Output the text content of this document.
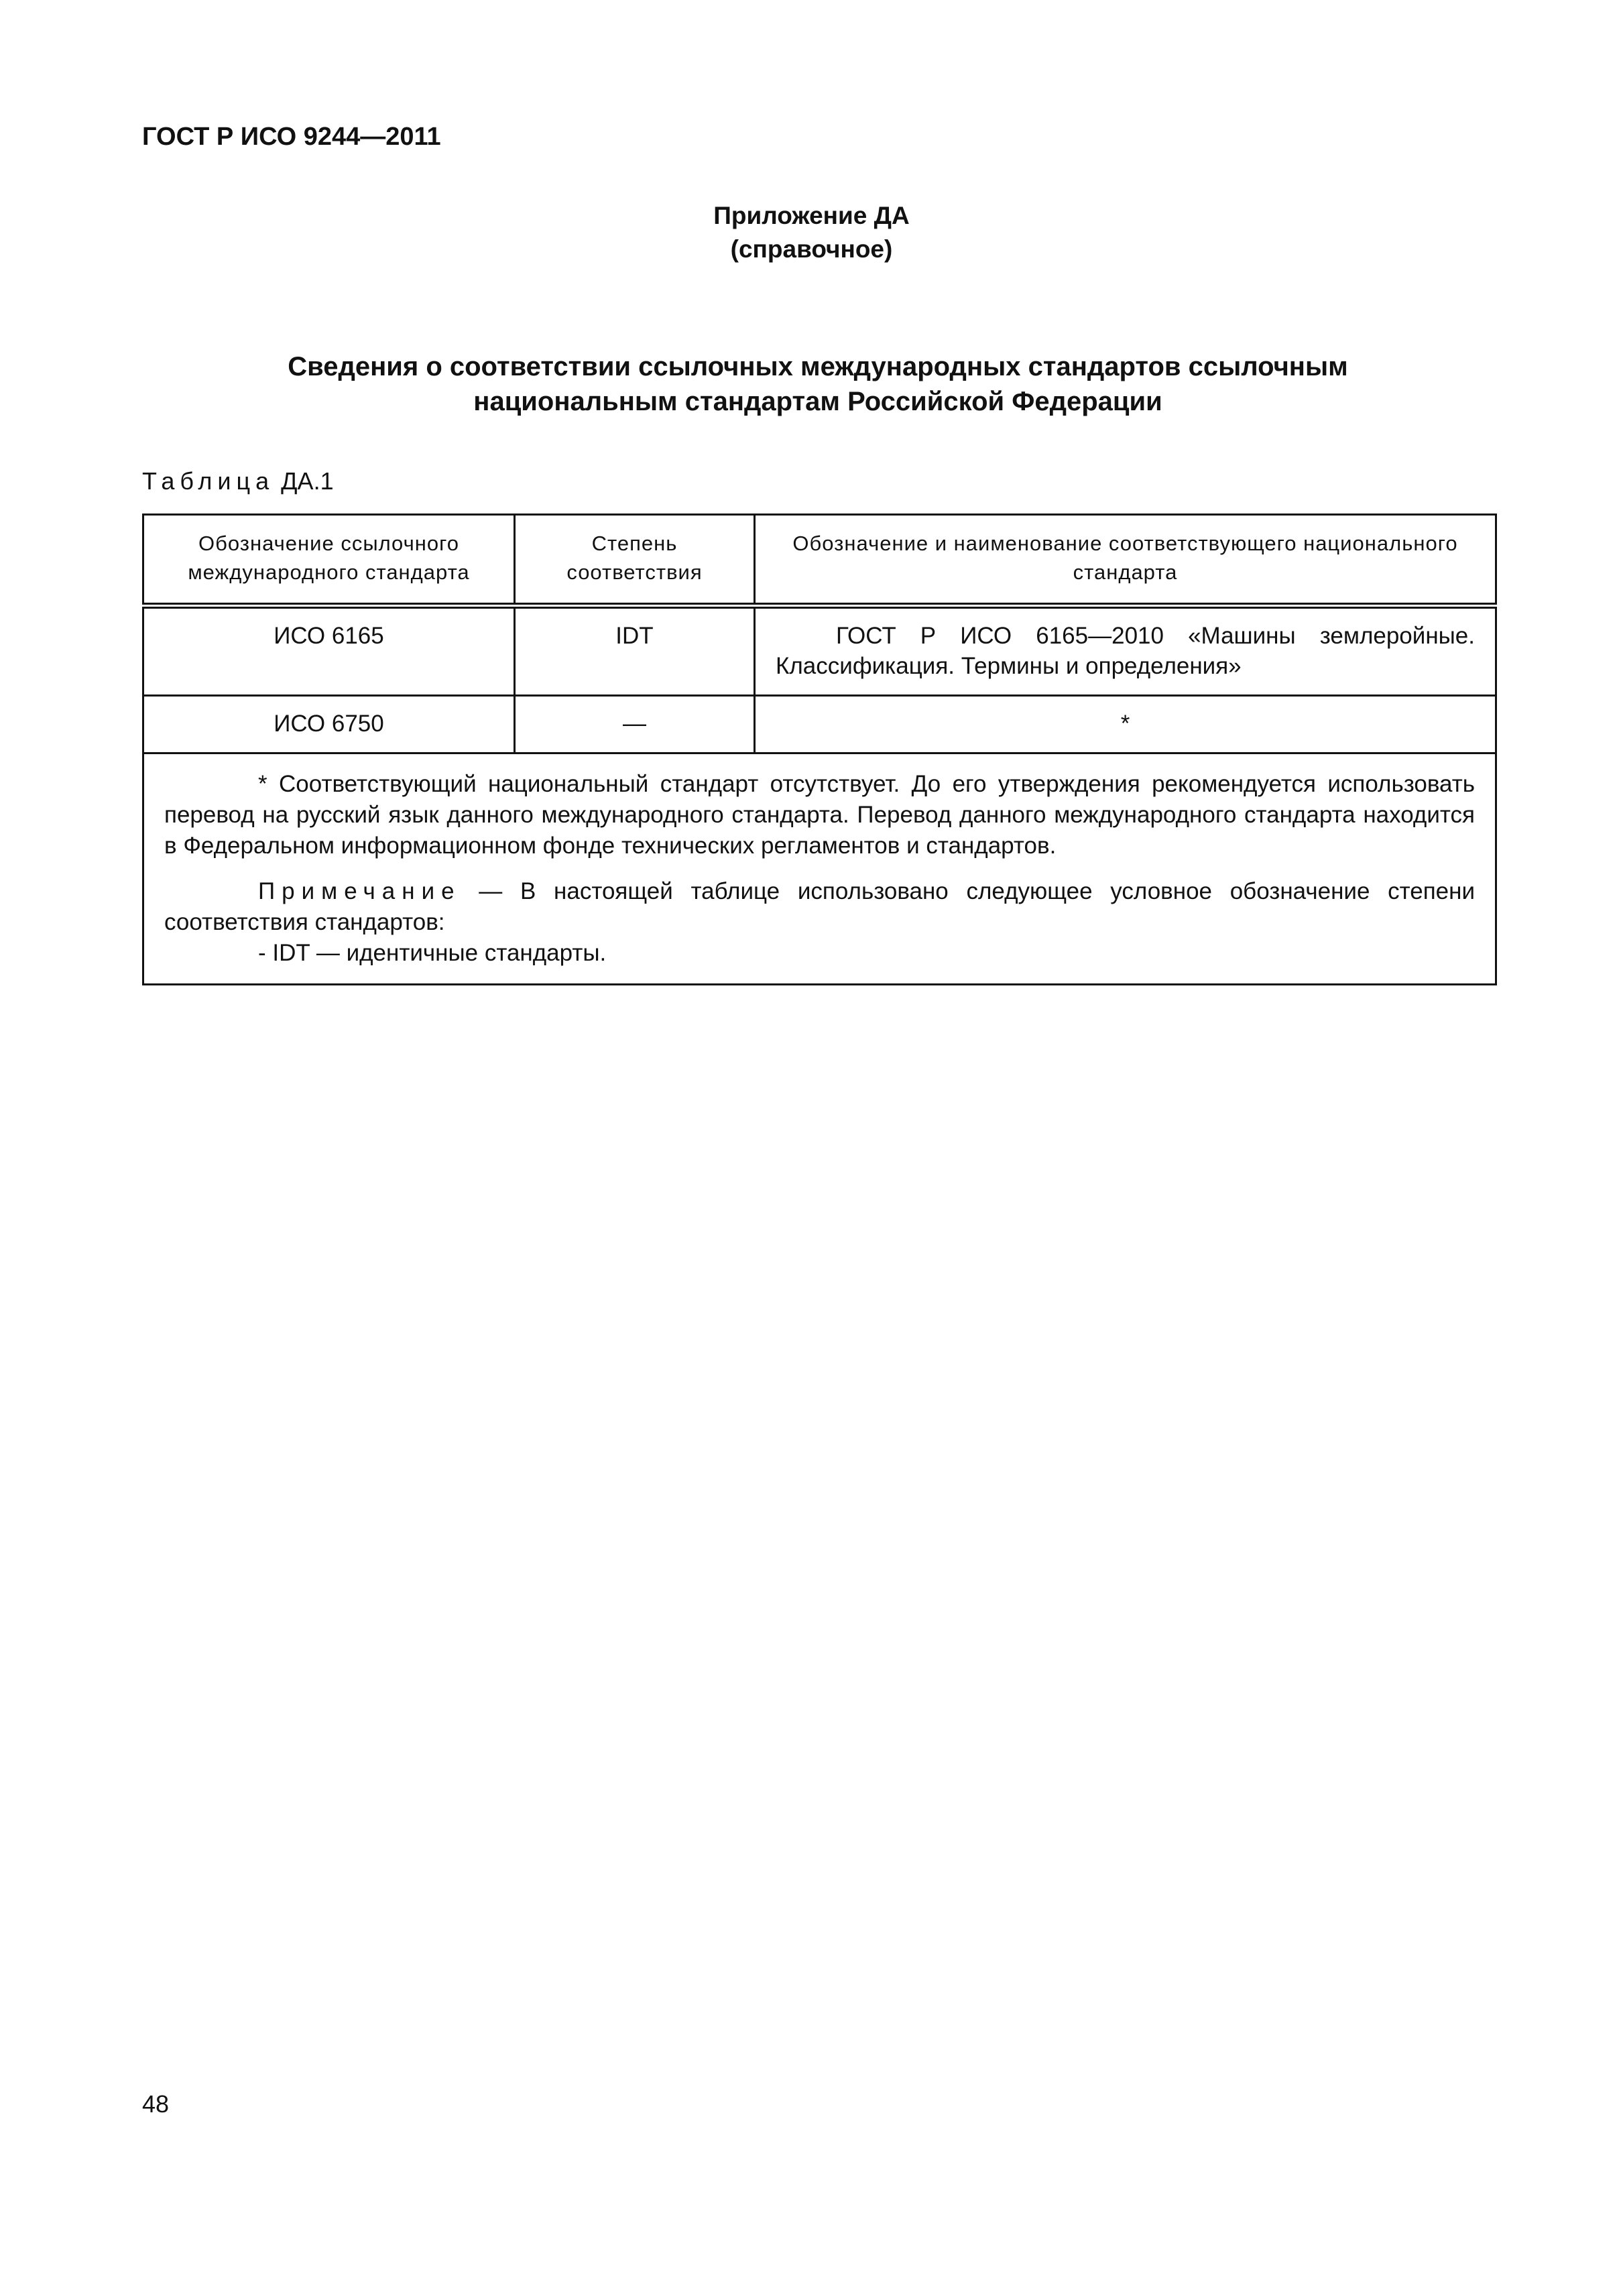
ГОСТ Р ИСО 9244—2011
Приложение ДА
(справочное)
Сведения о соответствии ссылочных международных стандартов ссылочным
национальным стандартам Российской Федерации
Таблица ДА.1
Обозначение ссылочного международного стандарта	Степень соответствия	Обозначение и наименование соответствующего национального стандарта
ИСО 6165	IDT	ГОСТ Р ИСО 6165—2010 «Машины землеройные. Классификация. Термины и определения»
ИСО 6750	—	*

* Соответствующий национальный стандарт отсутствует. До его утверждения рекомендуется использовать перевод на русский язык данного международного стандарта. Перевод данного международного стандарта находится в Федеральном информационном фонде технических регламентов и стандартов.

Примечание — В настоящей таблице использовано следующее условное обозначение степени соответствия стандартов:

- IDT — идентичные стандарты.		

48
